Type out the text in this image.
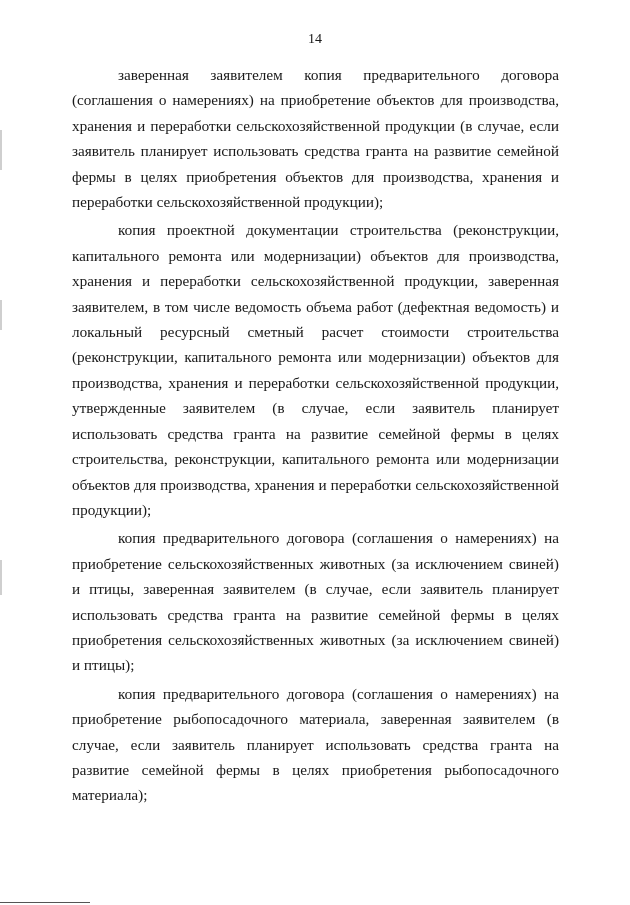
14

заверенная заявителем копия предварительного договора (соглашения о намерениях) на приобретение объектов для производства, хранения и переработки сельскохозяйственной продукции (в случае, если заявитель планирует использовать средства гранта на развитие семейной фермы в целях приобретения объектов для производства, хранения и переработки сельскохозяйственной продукции);

копия проектной документации строительства (реконструкции, капитального ремонта или модернизации) объектов для производства, хранения и переработки сельскохозяйственной продукции, заверенная заявителем, в том числе ведомость объема работ (дефектная ведомость) и локальный ресурсный сметный расчет стоимости строительства (реконструкции, капитального ремонта или модернизации) объектов для производства, хранения и переработки сельскохозяйственной продукции, утвержденные заявителем (в случае, если заявитель планирует использовать средства гранта на развитие семейной фермы в целях строительства, реконструкции, капитального ремонта или модернизации объектов для производства, хранения и переработки сельскохозяйственной продукции);

копия предварительного договора (соглашения о намерениях) на приобретение сельскохозяйственных животных (за исключением свиней) и птицы, заверенная заявителем (в случае, если заявитель планирует использовать средства гранта на развитие семейной фермы в целях приобретения сельскохозяйственных животных (за исключением свиней) и птицы);

копия предварительного договора (соглашения о намерениях) на приобретение рыбопосадочного материала, заверенная заявителем (в случае, если заявитель планирует использовать средства гранта на развитие семейной фермы в целях приобретения рыбопосадочного материала);
